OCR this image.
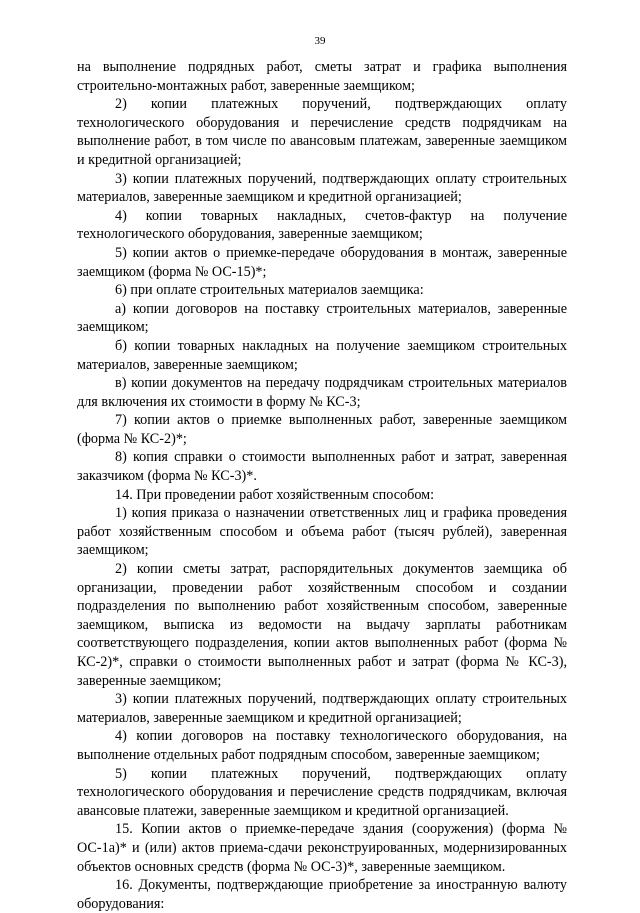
39

на выполнение подрядных работ, сметы затрат и графика выполнения строительно-монтажных работ, заверенные заемщиком;

2) копии платежных поручений, подтверждающих оплату технологического оборудования и перечисление средств подрядчикам на выполнение работ, в том числе по авансовым платежам, заверенные заемщиком и кредитной организацией;

3) копии платежных поручений, подтверждающих оплату строительных материалов, заверенные заемщиком и кредитной организацией;

4) копии товарных накладных, счетов-фактур на получение технологического оборудования, заверенные заемщиком;

5) копии актов о приемке-передаче оборудования в монтаж, заверенные заемщиком (форма № ОС-15)*;

6) при оплате строительных материалов заемщика:

а) копии договоров на поставку строительных материалов, заверенные заемщиком;

б) копии товарных накладных на получение заемщиком строительных материалов, заверенные заемщиком;

в) копии документов на передачу подрядчикам строительных материалов для включения их стоимости в форму № КС-3;

7) копии актов о приемке выполненных работ, заверенные заемщиком (форма № КС-2)*;

8) копия справки о стоимости выполненных работ и затрат, заверенная заказчиком (форма № КС-3)*.

14. При проведении работ хозяйственным способом:

1) копия приказа о назначении ответственных лиц и графика проведения работ хозяйственным способом и объема работ (тысяч рублей), заверенная заемщиком;

2) копии сметы затрат, распорядительных документов заемщика об организации, проведении работ хозяйственным способом и создании подразделения по выполнению работ хозяйственным способом, заверенные заемщиком, выписка из ведомости на выдачу зарплаты работникам соответствующего подразделения, копии актов выполненных работ (форма № КС-2)*, справки о стоимости выполненных работ и затрат (форма № КС-3), заверенные заемщиком;

3) копии платежных поручений, подтверждающих оплату строительных материалов, заверенные заемщиком и кредитной организацией;

4) копии договоров на поставку технологического оборудования, на выполнение отдельных работ подрядным способом, заверенные заемщиком;

5) копии платежных поручений, подтверждающих оплату технологического оборудования и перечисление средств подрядчикам, включая авансовые платежи, заверенные заемщиком и кредитной организацией.

15. Копии актов о приемке-передаче здания (сооружения) (форма № ОС-1а)* и (или) актов приема-сдачи реконструированных, модернизированных объектов основных средств (форма № ОС-3)*, заверенные заемщиком.

16. Документы, подтверждающие приобретение за иностранную валюту оборудования:
